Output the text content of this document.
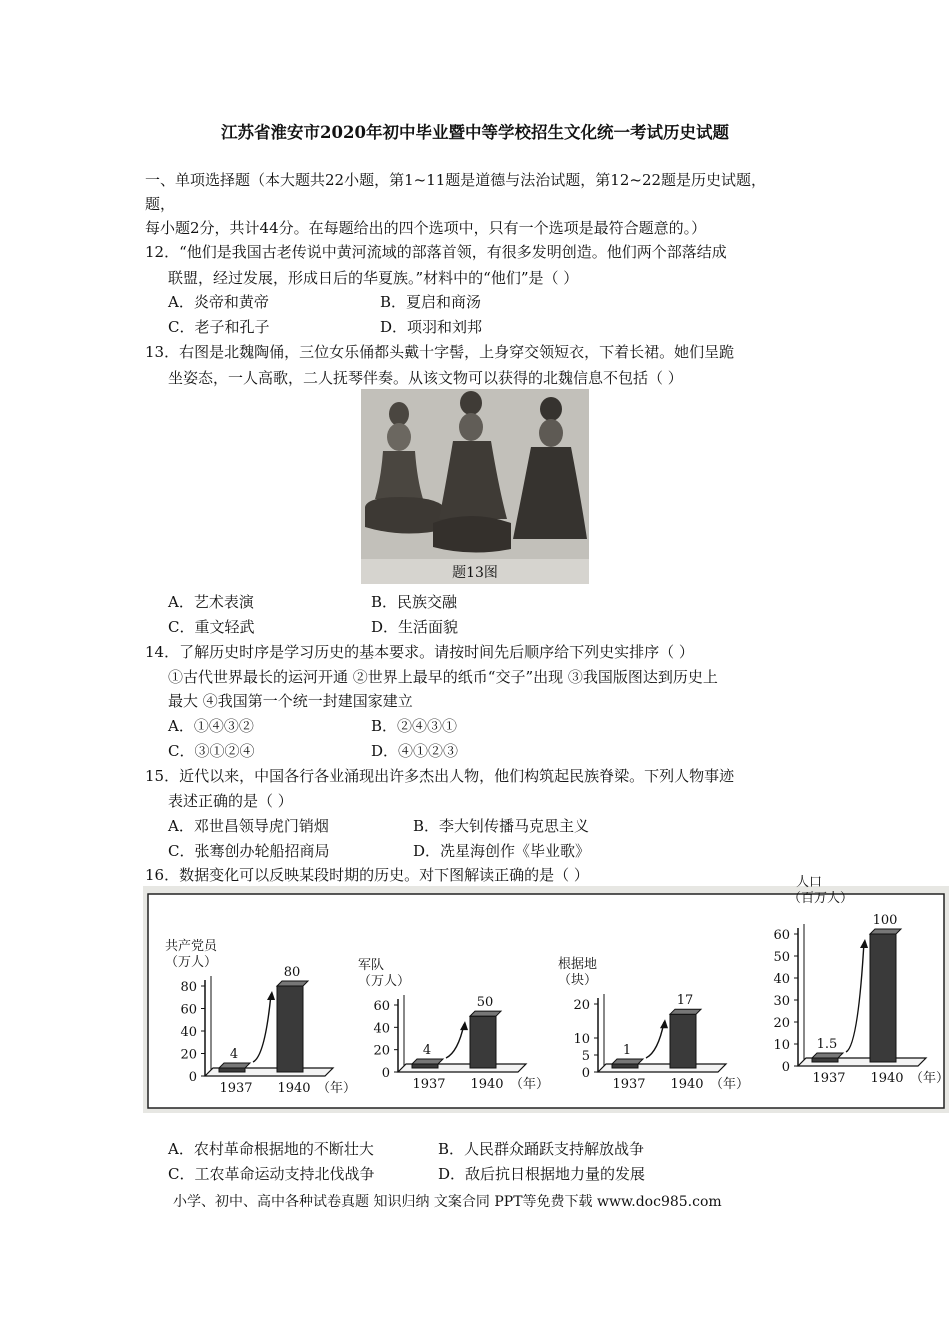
江苏省淮安市2020年初中毕业暨中等学校招生文化统一考试历史试题
一、单项选择题（本大题共22小题，第1~11题是道德与法治试题，第12~22题是历史试题，
题，
每小题2分，共计44分。在每题给出的四个选项中，只有一个选项是最符合题意的。）
12．“他们是我国古老传说中黄河流域的部落首领，有很多发明创造。他们两个部落结成
联盟，经过发展，形成日后的华夏族。”材料中的“他们”是（ ）
A．炎帝和黄帝	B．夏启和商汤
C．老子和孔子	D．项羽和刘邦
13．右图是北魏陶俑，三位女乐俑都头戴十字髻，上身穿交领短衣，下着长裙。她们呈跪
坐姿态，一人高歌，二人抚琴伴奏。从该文物可以获得的北魏信息不包括（ ）
题13图
A．艺术表演	B．民族交融
C．重文轻武	D．生活面貌
14．了解历史时序是学习历史的基本要求。请按时间先后顺序给下列史实排序（ ）
①古代世界最长的运河开通 ②世界上最早的纸币“交子”出现 ③我国版图达到历史上
最大 ④我国第一个统一封建国家建立
A．①④③②	B．②④③①
C．③①②④	D．④①②③
15．近代以来，中国各行各业涌现出许多杰出人物，他们构筑起民族脊梁。下列人物事迹
表述正确的是（ ）
A．邓世昌领导虎门销烟	B．李大钊传播马克思主义
C．张骞创办轮船招商局	D．冼星海创作《毕业歌》
16．数据变化可以反映某段时期的历史。对下图解读正确的是（ ）
共产党员
（万人）
0
20
40
60
80
4
1937
80
1940 （年）
军队
（万人）
0
20
40
60
4
1937
50
1940 （年）
根据地
（块）
0
5
10
20
1
1937
17
1940 （年）
人口
（百万人）
0
10
20
30
40
50
60
1.5
1937
100
1940 （年）
A．农村革命根据地的不断壮大	B．人民群众踊跃支持解放战争
C．工农革命运动支持北伐战争	D．敌后抗日根据地力量的发展
小学、初中、高中各种试卷真题 知识归纳 文案合同 PPT等免费下载 www.doc985.com
